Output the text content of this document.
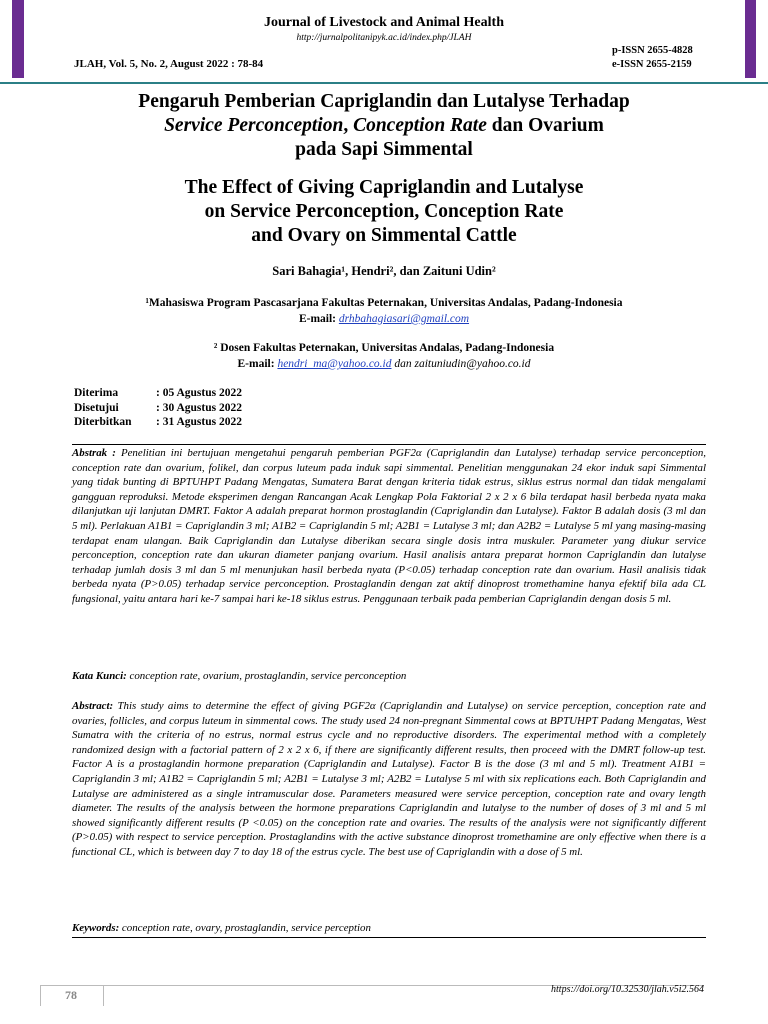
Journal of Livestock and Animal Health
http://jurnalpolitanipyk.ac.id/index.php/JLAH
JLAH, Vol. 5, No. 2, August 2022 : 78-84
p-ISSN 2655-4828
e-ISSN 2655-2159
Pengaruh Pemberian Capriglandin dan Lutalyse Terhadap
Service Perconception, Conception Rate dan Ovarium
pada Sapi Simmental
The Effect of Giving Capriglandin and Lutalyse
on Service Perconception, Conception Rate
and Ovary on Simmental Cattle
Sari Bahagia¹, Hendri², dan Zaituni Udin²
¹Mahasiswa Program Pascasarjana Fakultas Peternakan, Universitas Andalas, Padang-Indonesia
E-mail: drhbahagiasari@gmail.com
² Dosen Fakultas Peternakan, Universitas Andalas, Padang-Indonesia
E-mail: hendri_ma@yahoo.co.id dan zaituniudin@yahoo.co.id
Diterima	: 05 Agustus 2022
Disetujui	: 30 Agustus 2022
Diterbitkan	: 31 Agustus 2022
Abstrak : Penelitian ini bertujuan mengetahui pengaruh pemberian PGF2α (Capriglandin dan Lutalyse) terhadap service perconception, conception rate dan ovarium, folikel, dan corpus luteum pada induk sapi simmental. Penelitian menggunakan 24 ekor induk sapi Simmental yang tidak bunting di BPTUHPT Padang Mengatas, Sumatera Barat dengan kriteria tidak estrus, siklus estrus normal dan tidak mengalami gangguan reproduksi. Metode eksperimen dengan Rancangan Acak Lengkap Pola Faktorial 2 x 2 x 6 bila terdapat hasil berbeda nyata maka dilanjutkan uji lanjutan DMRT. Faktor A adalah preparat hormon prostaglandin (Capriglandin dan Lutalyse). Faktor B adalah dosis (3 ml dan 5 ml). Perlakuan A1B1 = Capriglandin 3 ml; A1B2 = Capriglandin 5 ml; A2B1 = Lutalyse 3 ml; dan A2B2 = Lutalyse 5 ml yang masing-masing terdapat enam ulangan. Baik Capriglandin dan Lutalyse diberikan secara single dosis intra muskuler. Parameter yang diukur service perconception, conception rate dan ukuran diameter panjang ovarium. Hasil analisis antara preparat hormon Capriglandin dan lutalyse terhadap jumlah dosis 3 ml dan 5 ml menunjukan hasil berbeda nyata (P<0.05) terhadap conception rate dan ovarium. Hasil analisis tidak berbeda nyata (P>0.05) terhadap service perconception. Prostaglandin dengan zat aktif dinoprost tromethamine hanya efektif bila ada CL fungsional, yaitu antara hari ke-7 sampai hari ke-18 siklus estrus. Penggunaan terbaik pada pemberian Capriglandin dengan dosis 5 ml.
Kata Kunci: conception rate, ovarium, prostaglandin, service perconception
Abstract: This study aims to determine the effect of giving PGF2α (Capriglandin and Lutalyse) on service perception, conception rate and ovaries, follicles, and corpus luteum in simmental cows. The study used 24 non-pregnant Simmental cows at BPTUHPT Padang Mengatas, West Sumatra with the criteria of no estrus, normal estrus cycle and no reproductive disorders. The experimental method with a completely randomized design with a factorial pattern of 2 x 2 x 6, if there are significantly different results, then proceed with the DMRT follow-up test. Factor A is a prostaglandin hormone preparation (Capriglandin and Lutalyse). Factor B is the dose (3 ml and 5 ml). Treatment A1B1 = Capriglandin 3 ml; A1B2 = Capriglandin 5 ml; A2B1 = Lutalyse 3 ml; A2B2 = Lutalyse 5 ml with six replications each. Both Capriglandin and Lutalyse are administered as a single intramuscular dose. Parameters measured were service perception, conception rate and ovary length diameter. The results of the analysis between the hormone preparations Capriglandin and lutalyse to the number of doses of 3 ml and 5 ml showed significantly different results (P <0.05) on the conception rate and ovaries. The results of the analysis were not significantly different (P>0.05) with respect to service perception. Prostaglandins with the active substance dinoprost tromethamine are only effective when there is a functional CL, which is between day 7 to day 18 of the estrus cycle. The best use of Capriglandin with a dose of 5 ml.
Keywords: conception rate, ovary, prostaglandin, service perception
78	https://doi.org/10.32530/jlah.v5i2.564
